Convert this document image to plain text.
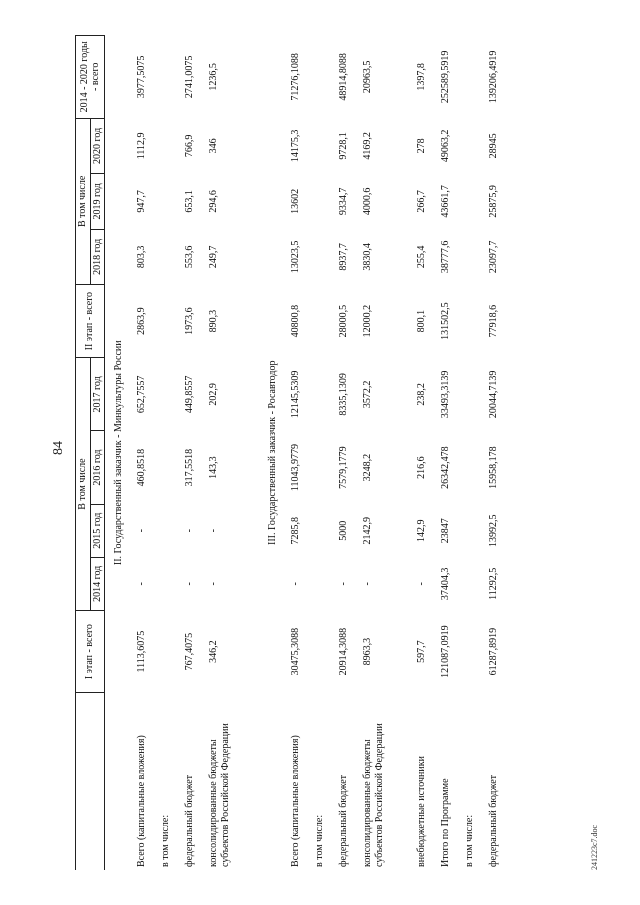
84
241223с7.doc
	I этап - всего	В том числе				II этап - всего	В том числе			2014 - 2020 годы - всего
		2014 год	2015 год	2016 год	2017 год		2018 год	2019 год	2020 год	
II. Государственный заказчик - Минкультуры России										
Всего (капитальные вложения)	1113,6075	-	-	460,8518	652,7557	2863,9	803,3	947,7	1112,9	3977,5075
в том числе:										
федеральный бюджет	767,4075	-	-	317,5518	449,8557	1973,6	553,6	653,1	766,9	2741,0075
консолидированные бюджеты субъектов Российской Федерации	346,2	-	-	143,3	202,9	890,3	249,7	294,6	346	1236,5
III. Государственный заказчик - Росавтодор										
Всего (капитальные вложения)	30475,3088	-	7285,8	11043,9779	12145,5309	40800,8	13023,5	13602	14175,3	71276,1088
в том числе:										
федеральный бюджет	20914,3088	-	5000	7579,1779	8335,1309	28000,5	8937,7	9334,7	9728,1	48914,8088
консолидированные бюджеты субъектов Российской Федерации	8963,3	-	2142,9	3248,2	3572,2	12000,2	3830,4	4000,6	4169,2	20963,5
внебюджетные источники	597,7	-	142,9	216,6	238,2	800,1	255,4	266,7	278	1397,8
Итого по Программе	121087,0919	37404,3	23847	26342,478	33493,3139	131502,5	38777,6	43661,7	49063,2	252589,5919
в том числе:										
федеральный бюджет	61287,8919	11292,5	13992,5	15958,178	20044,7139	77918,6	23097,7	25875,9	28945	139206,4919
